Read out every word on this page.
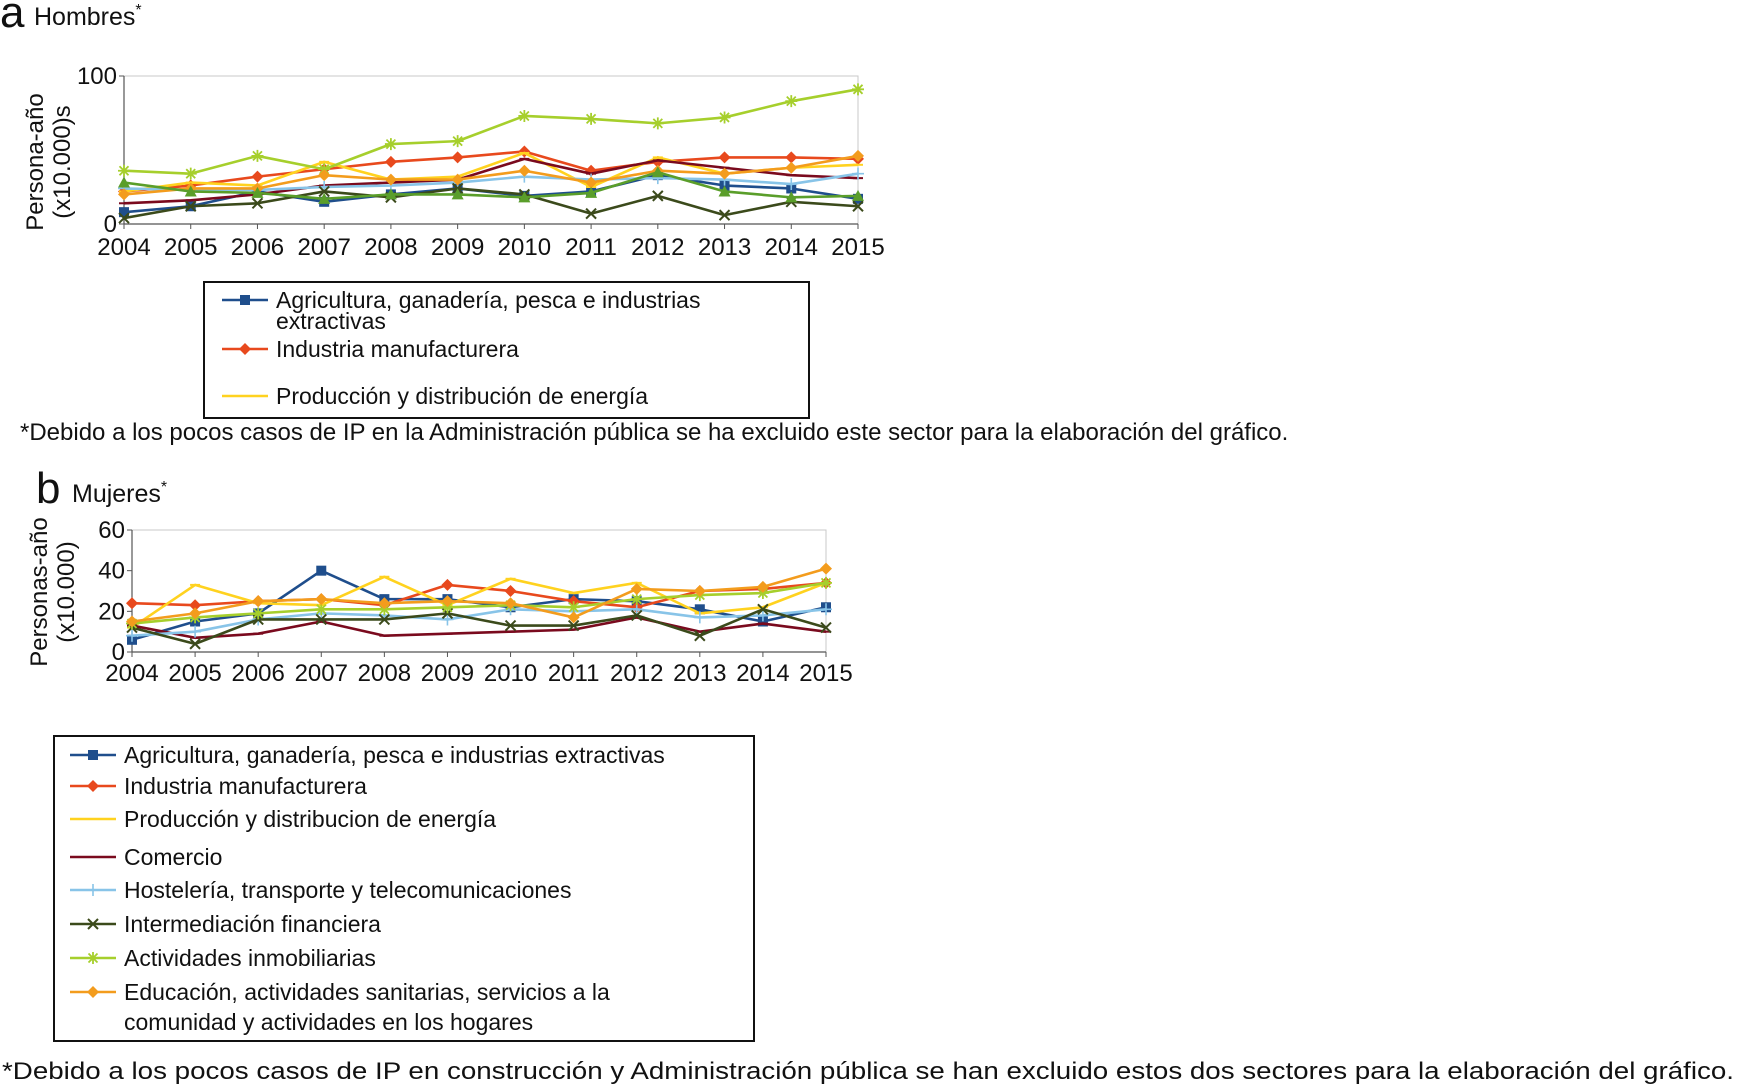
a Hombres*
0
100
2004 2005 2006 2007 2008 2009 2010 2011 2012 2013 2014 2015
Persona-año (x10.000)s
Agricultura, ganadería, pesca e industrias
extractivas
Industria manufacturera
Producción y distribución de energía
*Debido a los pocos casos de IP en la Administración pública se ha excluido este sector para la elaboración del gráfico.
b Mujeres*
0
20
40
60
2004 2005 2006 2007 2008 2009 2010 2011 2012 2013 2014 2015
Personas-año (x10.000)
Agricultura, ganadería, pesca e industrias extractivas
Industria manufacturera
Producción y distribucion de energía
Comercio
Hostelería, transporte y telecomunicaciones
Intermediación financiera
Actividades inmobiliarias
Educación, actividades sanitarias, servicios a la
comunidad y actividades en los hogares
*Debido a los pocos casos de IP en construcción y Administración pública se han excluido estos dos sectores para la elaboración del gráfico.
